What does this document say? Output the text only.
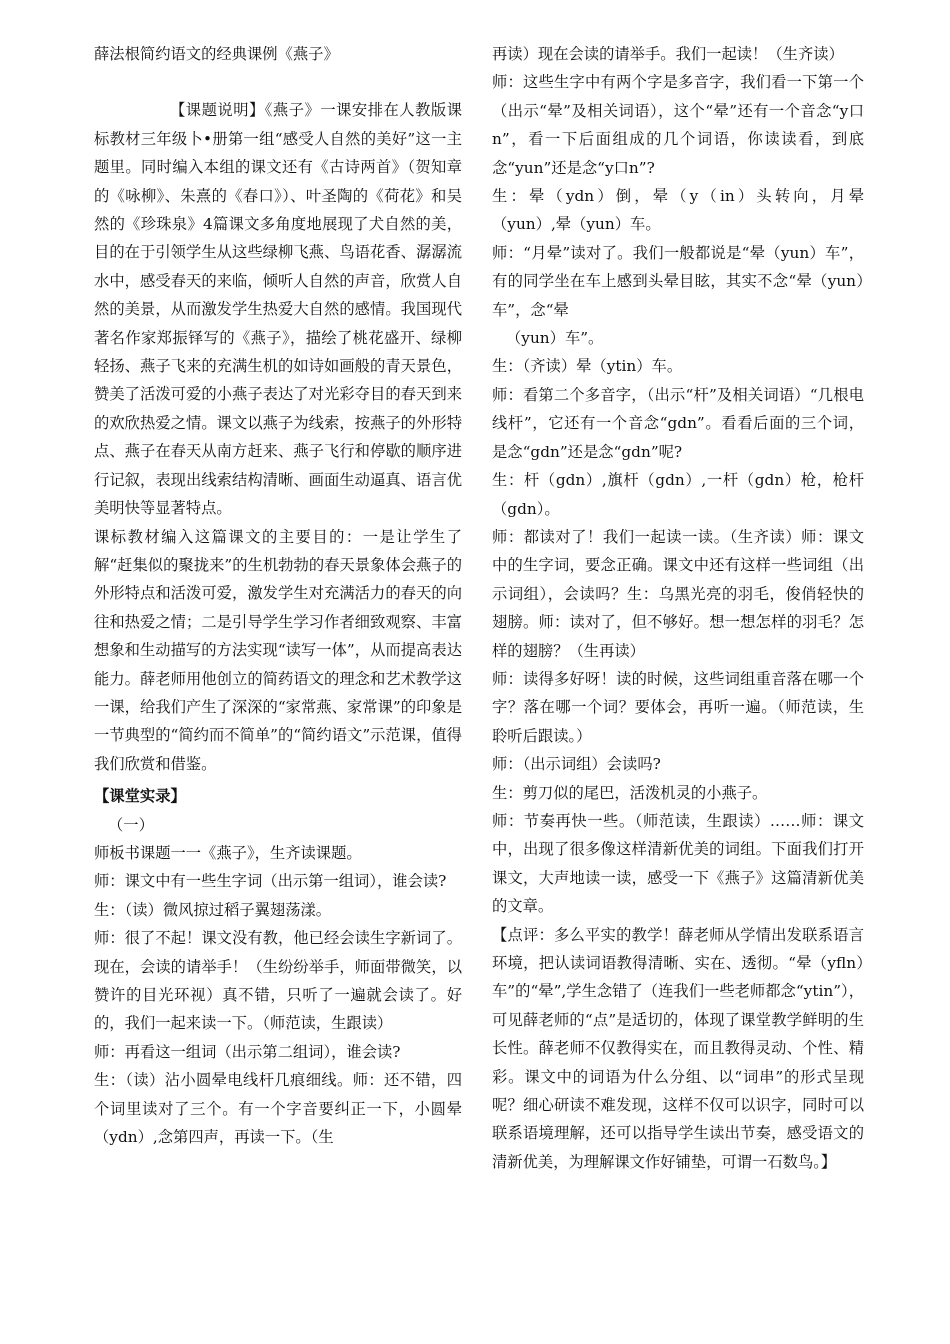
薛法根简约语文的经典课例《燕子》

【课题说明】《燕子》一课安排在人教版课标教材三年级卜•册第一组“感受人自然的美好”这一主题里。同时编入本组的课文还有《古诗两首》（贺知章的《咏柳》、朱熹的《春口》）、叶圣陶的《荷花》和吴然的《珍珠泉》4篇课文多角度地展现了犬自然的美，目的在于引领学生从这些绿柳飞燕、鸟语花香、潺潺流水中，感受春天的来临，倾听人自然的声音，欣赏人自然的美景，从而激发学生热爱大自然的感情。我国现代著名作家郑振铎写的《燕子》，描绘了桃花盛开、绿柳轻扬、燕子飞来的充满生机的如诗如画般的青天景色，赞美了活泼可爱的小燕子表达了对光彩夺目的春天到来的欢欣热爱之情。课文以燕子为线索，按燕子的外形特点、燕子在春天从南方赶来、燕子飞行和停歇的顺序进行记叙，表现出线索结构清晰、画面生动逼真、语言优美明快等显著特点。

课标教材编入这篇课文的主要目的：一是让学生了解“赶集似的聚拢来”的生机勃勃的春天景象体会燕子的外形特点和活泼可爱，激发学生对充满活力的春天的向往和热爱之情；二是引导学生学习作者细致观察、丰富想象和生动描写的方法实现“读写一体”，从而提高表达能力。薛老师用他创立的简药语文的理念和艺术教学这一课，给我们产生了深深的“家常燕、家常课”的印象是一节典型的“简约而不简单”的“简约语文”示范课，值得我们欣赏和借鉴。

【课堂实录】

（一）

师板书课题一一《燕子》，生齐读课题。

师：课文中有一些生字词（出示第一组词），谁会读?

生：（读）微风掠过稻子翼翅荡漾。

师：很了不起！课文没有教，他已经会读生字新词了。现在，会读的请举手！（生纷纷举手，师面带微笑，以赞许的目光环视）真不错，只听了一遍就会读了。好的，我们一起来读一下。（师范读，生跟读）

师：再看这一组词（出示第二组词），谁会读?

生：（读）沾小圆晕电线杆几痕细线。师：还不错，四个词里读对了三个。有一个字音要纠正一下，小圆晕（ydn）,念第四声，再读一下。（生

再读）现在会读的请举手。我们一起读！（生齐读）

师：这些生字中有两个字是多音字，我们看一下第一个（出示“晕”及相关词语），这个“晕”还有一个音念“y口n”，看一下后面组成的几个词语，你读读看，到底念“yun”还是念“y口n”?

生：晕（ydn）倒，晕（y（in）头转向，月晕（yun）,晕（yun）车。

师：“月晕”读对了。我们一般都说是“晕（yun）车”，有的同学坐在车上感到头晕目眩，其实不念“晕（yun）车”，念“晕

（yun）车”。

生：（齐读）晕（ytin）车。

师：看第二个多音字，（出示“杆”及相关词语）“几根电线杆”，它还有一个音念“gdn”。看看后面的三个词，是念“gdn”还是念“gdn”呢?

生：杆（gdn）,旗杆（gdn）,一杆（gdn）枪，枪杆（gdn）。

师：都读对了！我们一起读一读。（生齐读）师：课文中的生字词，要念正确。课文中还有这样一些词组（出示词组），会读吗？生：乌黑光亮的羽毛，俊俏轻快的翅膀。师：读对了，但不够好。想一想怎样的羽毛？怎样的翅膀？（生再读）

师：读得多好呀！读的时候，这些词组重音落在哪一个字？落在哪一个词？要体会，再听一遍。（师范读，生聆听后跟读。）

师：（出示词组）会读吗?

生：剪刀似的尾巴，活泼机灵的小燕子。

师：节奏再快一些。（师范读，生跟读）……师：课文中，出现了很多像这样清新优美的词组。下面我们打开课文，大声地读一读，感受一下《燕子》这篇清新优美的文章。

【点评：多么平实的教学！薛老师从学情出发联系语言环境，把认读词语教得清晰、实在、透彻。“晕（yfln）车”的“晕”,学生念错了（连我们一些老师都念“ytin”），可见薛老师的“点”是适切的，体现了课堂教学鲜明的生长性。薛老师不仅教得实在，而且教得灵动、个性、精彩。课文中的词语为什么分组、以“词串”的形式呈现呢？细心研读不难发现，这样不仅可以识字，同时可以联系语境理解，还可以指导学生读出节奏，感受语文的清新优美，为理解课文作好铺垫，可谓一石数鸟。】
